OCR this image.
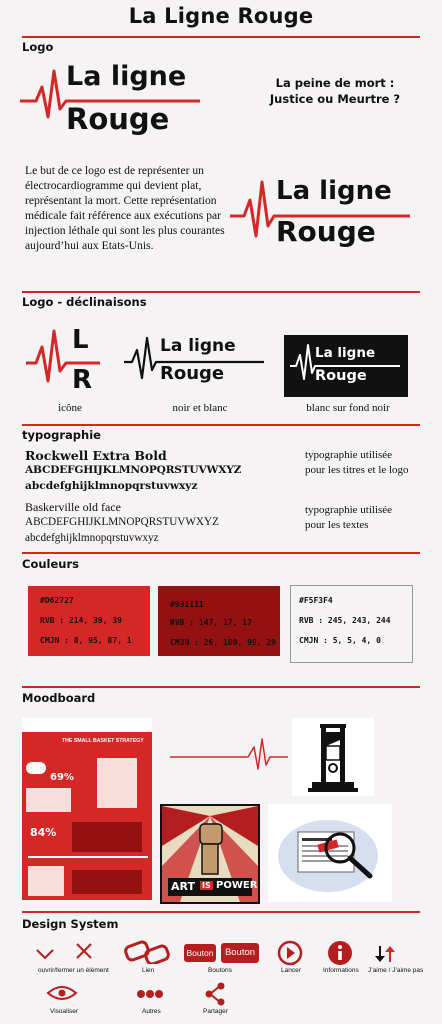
La Ligne Rouge
Logo
La ligne
Rouge
La peine de mort :
Justice ou Meurtre ?
Le but de ce logo est de représenter un électrocardiogramme qui devient plat, représentant la mort. Cette représentation médicale fait référence aux exécutions par injection léthale qui sont les plus courantes aujourd’hui aux Etats-Unis.
La ligne
Rouge
Logo - déclinaisons
L
R
icône
La ligne
Rouge
noir et blanc
La ligne
Rouge
blanc sur fond noir
typographie
Rockwell Extra Bold
ABCDEFGHIJKLMNOPQRSTUVWXYZ
abcdefghijklmnopqrstuvwxyz
typographie utilisée
pour les titres et le logo
Baskerville old face
ABCDEFGHIJKLMNOPQRSTUVWXYZ
abcdefghijklmnopqrstuvwxyz
typographie utilisée
pour les textes
Couleurs
#D62727
RVB : 214, 39, 39
CMJN : 8, 95, 87, 1
#931111
RVB : 147, 17, 17
CMJN : 26, 100, 99, 29
#F5F3F4
RVB : 245, 243, 244
CMJN : 5, 5, 4, 0
Moodboard
THE SMALL BASKET STRATEGY
69%
84%
ART IS POWER
Design System
ouvrir/fermer un élément	Lien
Bouton	Bouton
Boutons	Lancer	Informations J’aime / J’aime pas
Visualiser	Autres	Partager
